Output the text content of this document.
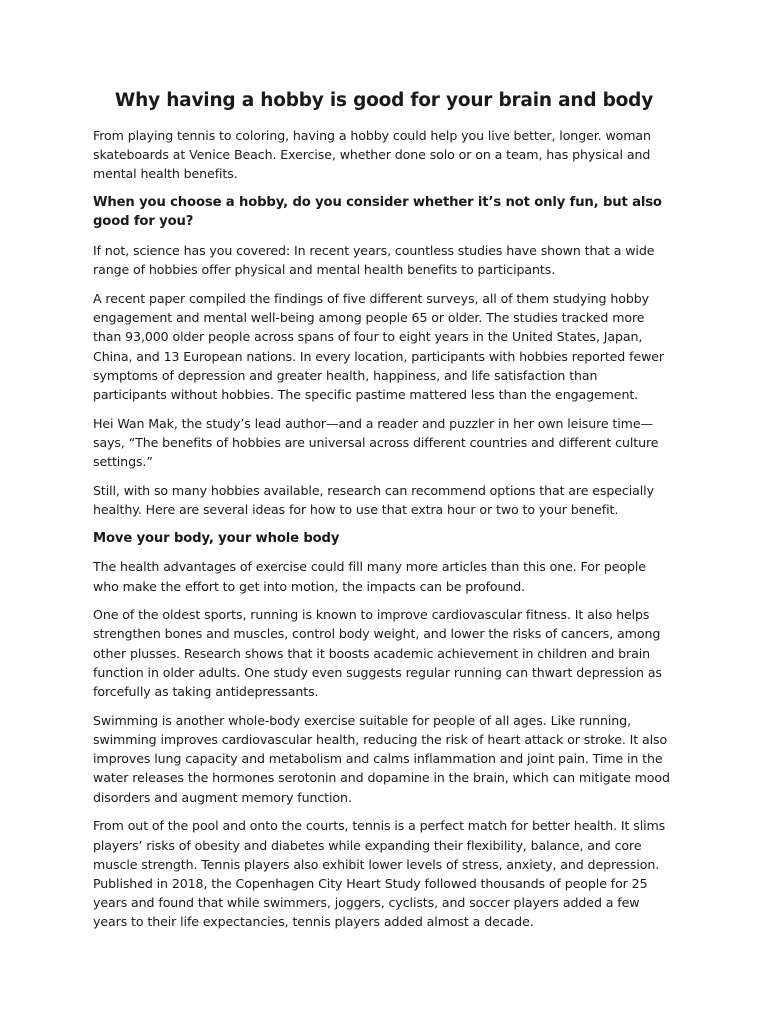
Why having a hobby is good for your brain and body

From playing tennis to coloring, having a hobby could help you live better, longer. woman skateboards at Venice Beach. Exercise, whether done solo or on a team, has physical and mental health benefits.

When you choose a hobby, do you consider whether it’s not only fun, but also good for you?

If not, science has you covered: In recent years, countless studies have shown that a wide range of hobbies offer physical and mental health benefits to participants.

A recent paper compiled the findings of five different surveys, all of them studying hobby engagement and mental well-being among people 65 or older. The studies tracked more than 93,000 older people across spans of four to eight years in the United States, Japan, China, and 13 European nations. In every location, participants with hobbies reported fewer symptoms of depression and greater health, happiness, and life satisfaction than participants without hobbies. The specific pastime mattered less than the engagement.

Hei Wan Mak, the study’s lead author—and a reader and puzzler in her own leisure time—says, “The benefits of hobbies are universal across different countries and different culture settings.”

Still, with so many hobbies available, research can recommend options that are especially healthy. Here are several ideas for how to use that extra hour or two to your benefit.

Move your body, your whole body

The health advantages of exercise could fill many more articles than this one. For people who make the effort to get into motion, the impacts can be profound.

One of the oldest sports, running is known to improve cardiovascular fitness. It also helps strengthen bones and muscles, control body weight, and lower the risks of cancers, among other plusses. Research shows that it boosts academic achievement in children and brain function in older adults. One study even suggests regular running can thwart depression as forcefully as taking antidepressants.

Swimming is another whole-body exercise suitable for people of all ages. Like running, swimming improves cardiovascular health, reducing the risk of heart attack or stroke. It also improves lung capacity and metabolism and calms inflammation and joint pain. Time in the water releases the hormones serotonin and dopamine in the brain, which can mitigate mood disorders and augment memory function.

From out of the pool and onto the courts, tennis is a perfect match for better health. It slims players’ risks of obesity and diabetes while expanding their flexibility, balance, and core muscle strength. Tennis players also exhibit lower levels of stress, anxiety, and depression. Published in 2018, the Copenhagen City Heart Study followed thousands of people for 25 years and found that while swimmers, joggers, cyclists, and soccer players added a few years to their life expectancies, tennis players added almost a decade.
